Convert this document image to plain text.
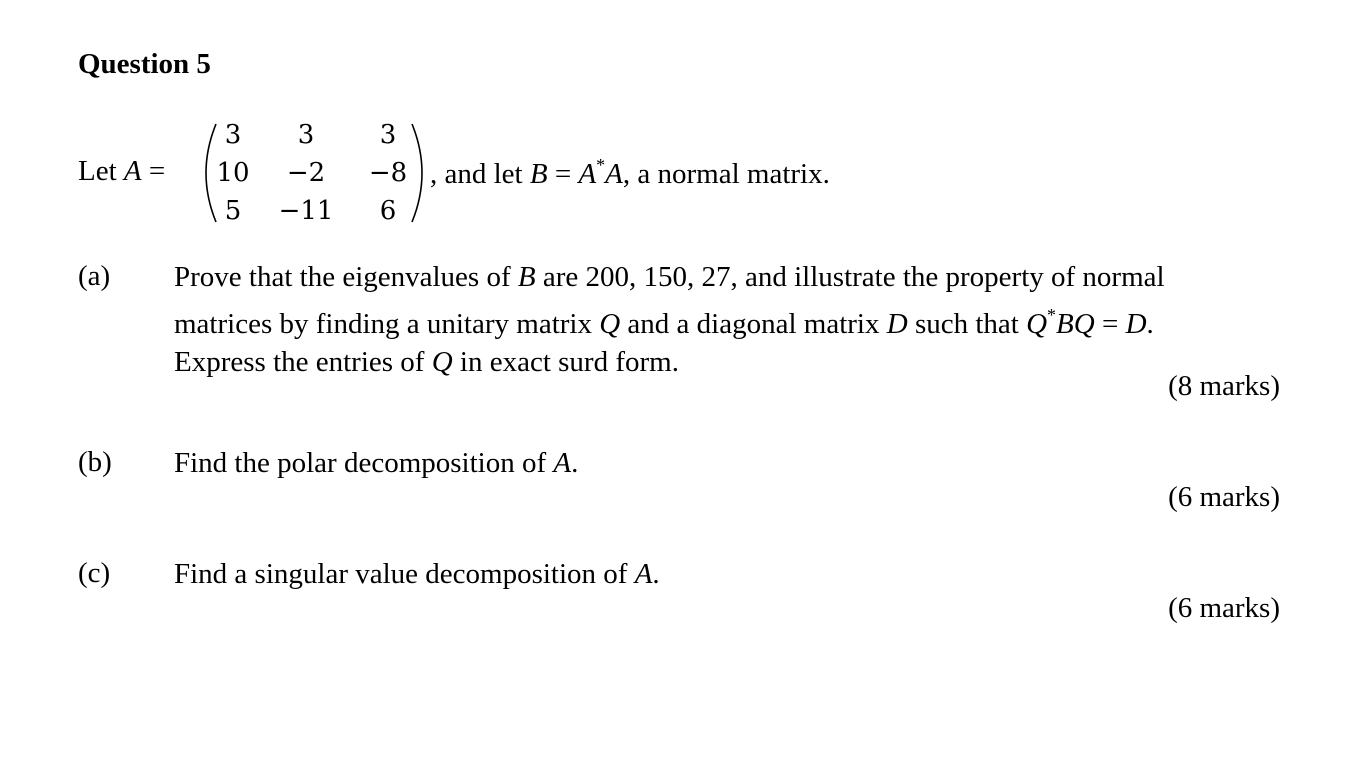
Question 5
Let A =
3	3	3
10	−2	−8
5	−11	6
, and let B = A*A, a normal matrix.
(a) Prove that the eigenvalues of B are 200, 150, 27, and illustrate the property of normal
matrices by finding a unitary matrix Q and a diagonal matrix D such that Q*BQ = D.
Express the entries of Q in exact surd form.
(8 marks)
(b) Find the polar decomposition of A.
(6 marks)
(c) Find a singular value decomposition of A.
(6 marks)
